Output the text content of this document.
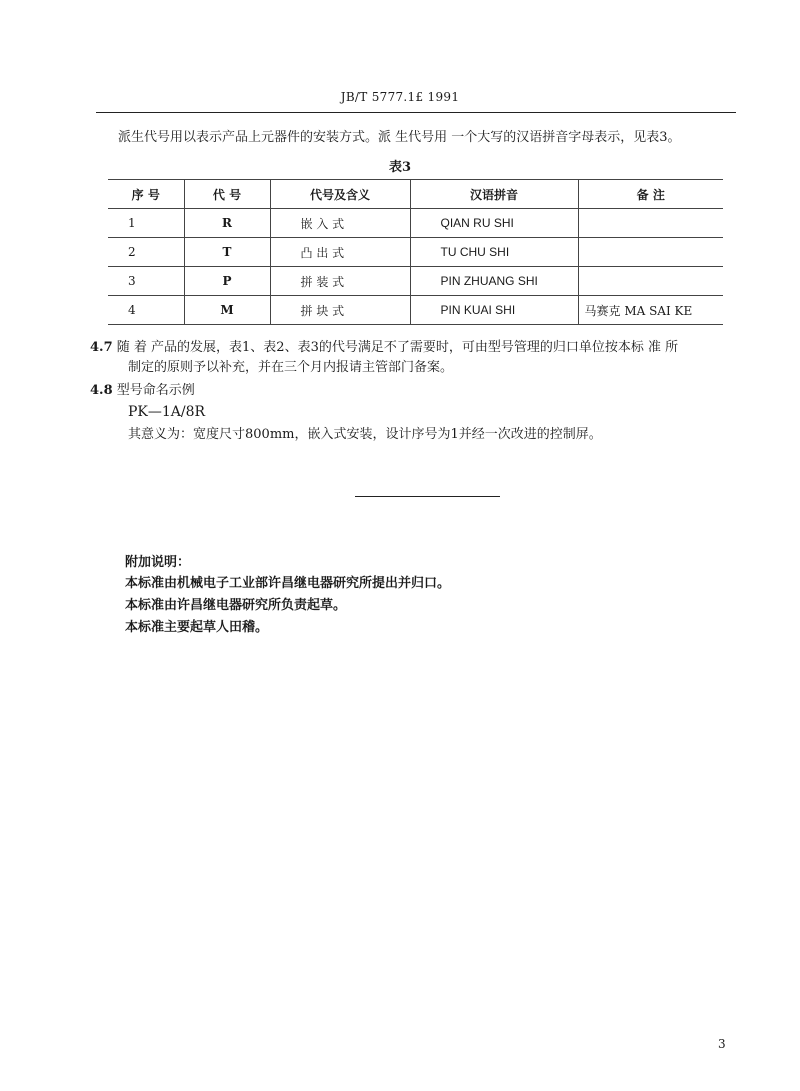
JB/T 5777.1£ 1991
派生代号用以表示产品上元器件的安装方式。派 生代号用 一个大写的汉语拼音字母表示，见表3。
表3
序 号	代 号	代号及含义	汉语拼音	备 注
1	R	嵌 入 式	QIAN RU SHI	
2	T	凸 出 式	TU CHU SHI	
3	P	拼 装 式	PIN ZHUANG SHI	
4	M	拼 块 式	PIN KUAI SHI	马赛克 MA SAI KE
4.7 随 着 产品的发展，表1、表2、表3的代号满足不了需要时，可由型号管理的归口单位按本标 准 所
制定的原则予以补充，并在三个月内报请主管部门备案。
4.8 型号命名示例
PK—1A/8R
其意义为：宽度尺寸800mm，嵌入式安装，设计序号为1并经一次改进的控制屏。
附加说明：
本标准由机械电子工业部许昌继电器研究所提出并归口。
本标准由许昌继电器研究所负责起草。
本标准主要起草人田稽。
3
